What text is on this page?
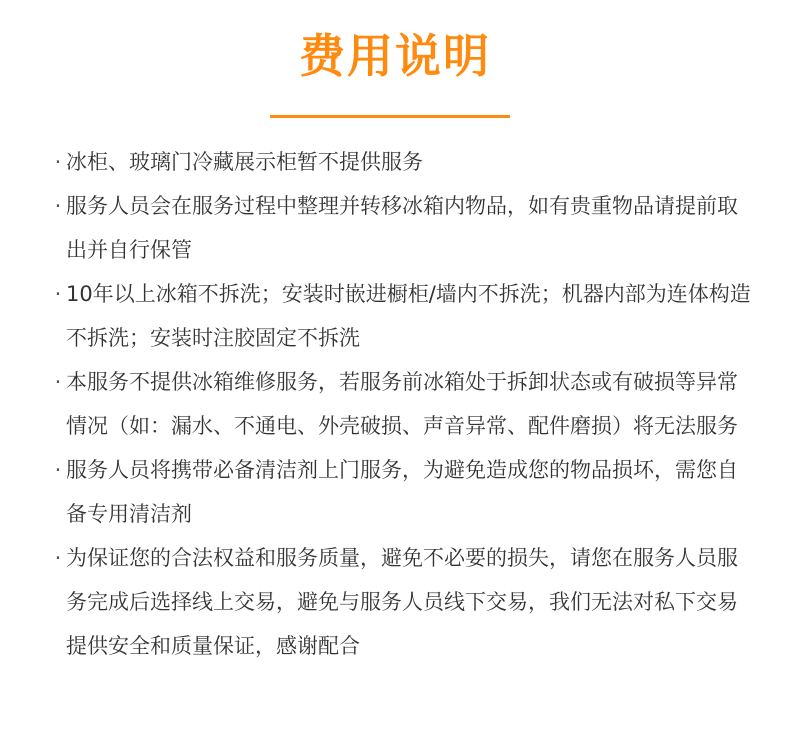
费用说明
· 冰柜、玻璃门冷藏展示柜暂不提供服务
· 服务人员会在服务过程中整理并转移冰箱内物品，如有贵重物品请提前取出并自行保管
· 10年以上冰箱不拆洗；安装时嵌进橱柜/墙内不拆洗；机器内部为连体构造不拆洗；安装时注胶固定不拆洗
· 本服务不提供冰箱维修服务，若服务前冰箱处于拆卸状态或有破损等异常情况（如：漏水、不通电、外壳破损、声音异常、配件磨损）将无法服务
· 服务人员将携带必备清洁剂上门服务，为避免造成您的物品损坏，需您自备专用清洁剂
· 为保证您的合法权益和服务质量，避免不必要的损失，请您在服务人员服务完成后选择线上交易，避免与服务人员线下交易，我们无法对私下交易提供安全和质量保证，感谢配合
